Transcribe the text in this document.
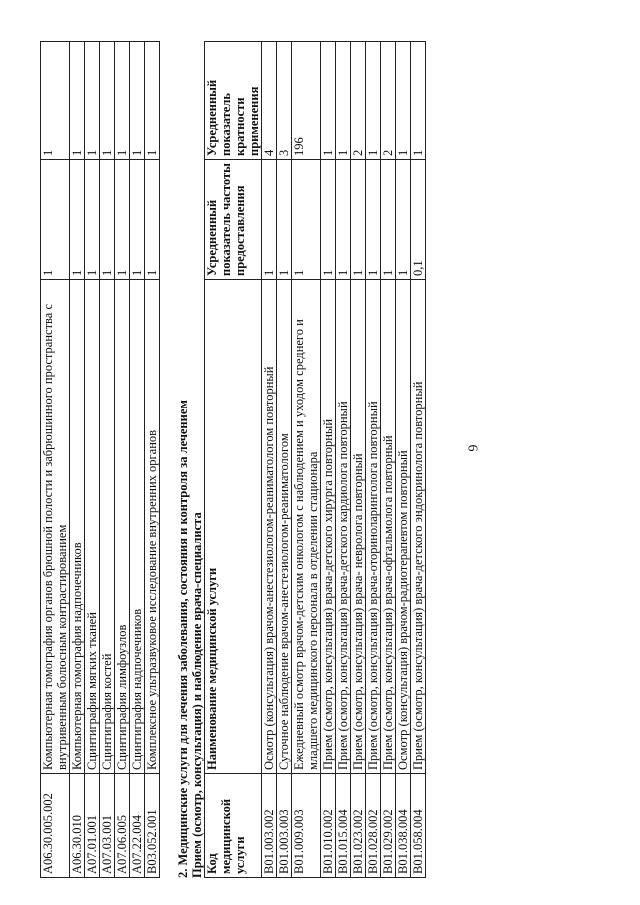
6
A06.30.005.002	Компьютерная томография органов брюшной полости и забрюшинного пространства с внутривенным болюсным контрастированием	1	1
A06.30.010	Компьютерная томография надпочечников	1	1
A07.01.001	Сцинтиграфия мягких тканей	1	1
A07.03.001	Сцинтиграфия костей	1	1
A07.06.005	Сцинтиграфия лимфоузлов	1	1
A07.22.004	Сцинтиграфия надпочечников	1	1
B03.052.001	Комплексное ультразвуковое исследование внутренних органов	1	1
2. Медицинские услуги для лечения заболевания, состояния и контроля за лечением Прием (осмотр, консультация) и наблюдение врача-специалиста Код медицинской услуги	Наименование медицинской услуги	Усредненный показатель частоты предоставления	Усредненный показатель кратности применения
B01.003.002	Осмотр (консультация) врачом-анестезиологом-реаниматологом повторный	1	4
B01.003.003	Суточное наблюдение врачом-анестезиологом-реаниматологом	1	3
B01.009.003	Ежедневный осмотр врачом-детским онкологом с наблюдением и уходом среднего и младшего медицинского персонала в отделении стационара	1	196
B01.010.002	Прием (осмотр, консультация) врача-детского хирурга повторный	1	1
B01.015.004	Прием (осмотр, консультация) врача-детского кардиолога повторный	1	1
B01.023.002	Прием (осмотр, консультация) врача- невролога повторный	1	2
B01.028.002	Прием (осмотр, консультация) врача-оториноларинголога повторный	1	1
B01.029.002	Прием (осмотр, консультация) врача-офтальмолога повторный	1	2
B01.038.004	Осмотр (консультация) врачом-радиотерапевтом повторный	1	1
B01.058.004	Прием (осмотр, консультация) врача-детского эндокринолога повторный	0,1	1
